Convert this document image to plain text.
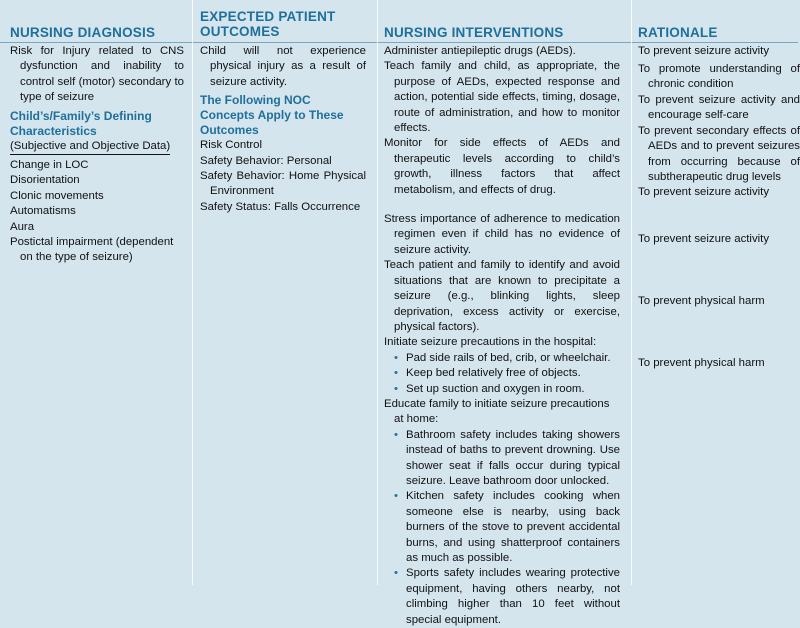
NURSING DIAGNOSIS
EXPECTED PATIENT
OUTCOMES	NURSING INTERVENTIONS	RATIONALE
Risk for Injury related to CNS dysfunction and inability to control self (motor) secondary to type of seizure
Child’s/Family’s Defining Characteristics
(Subjective and Objective Data)
Change in LOC
Disorientation
Clonic movements
Automatisms
Aura
Postictal impairment (dependent on the type of seizure)
Child will not experience physical injury as a result of seizure activity.
The Following NOC Concepts Apply to These Outcomes
Risk Control
Safety Behavior: Personal
Safety Behavior: Home Physical Environment
Safety Status: Falls Occurrence
Administer antiepileptic drugs (AEDs).
Teach family and child, as appropriate, the purpose of AEDs, expected response and action, potential side effects, timing, dosage, route of administration, and how to monitor effects.
Monitor for side effects of AEDs and therapeutic levels according to child’s growth, illness factors that affect metabolism, and effects of drug.
Stress importance of adherence to medication regimen even if child has no evidence of seizure activity.
Teach patient and family to identify and avoid situations that are known to precipitate a seizure (e.g., blinking lights, sleep deprivation, excess activity or exercise, physical factors).
Initiate seizure precautions in the hospital:
• Pad side rails of bed, crib, or wheelchair.
• Keep bed relatively free of objects.
• Set up suction and oxygen in room.
Educate family to initiate seizure precautions at home:
• Bathroom safety includes taking showers instead of baths to prevent drowning. Use shower seat if falls occur during typical seizure. Leave bathroom door unlocked.
• Kitchen safety includes cooking when someone else is nearby, using back burners of the stove to prevent accidental burns, and using shatterproof containers as much as possible.
• Sports safety includes wearing protective equipment, having others nearby, not climbing higher than 10 feet without special equipment.
To prevent seizure activity
To promote understanding of chronic condition
To prevent seizure activity and encourage self-care
To prevent secondary effects of AEDs and to prevent seizures from occurring because of subtherapeutic drug levels
To prevent seizure activity
To prevent seizure activity
To prevent physical harm
To prevent physical harm
